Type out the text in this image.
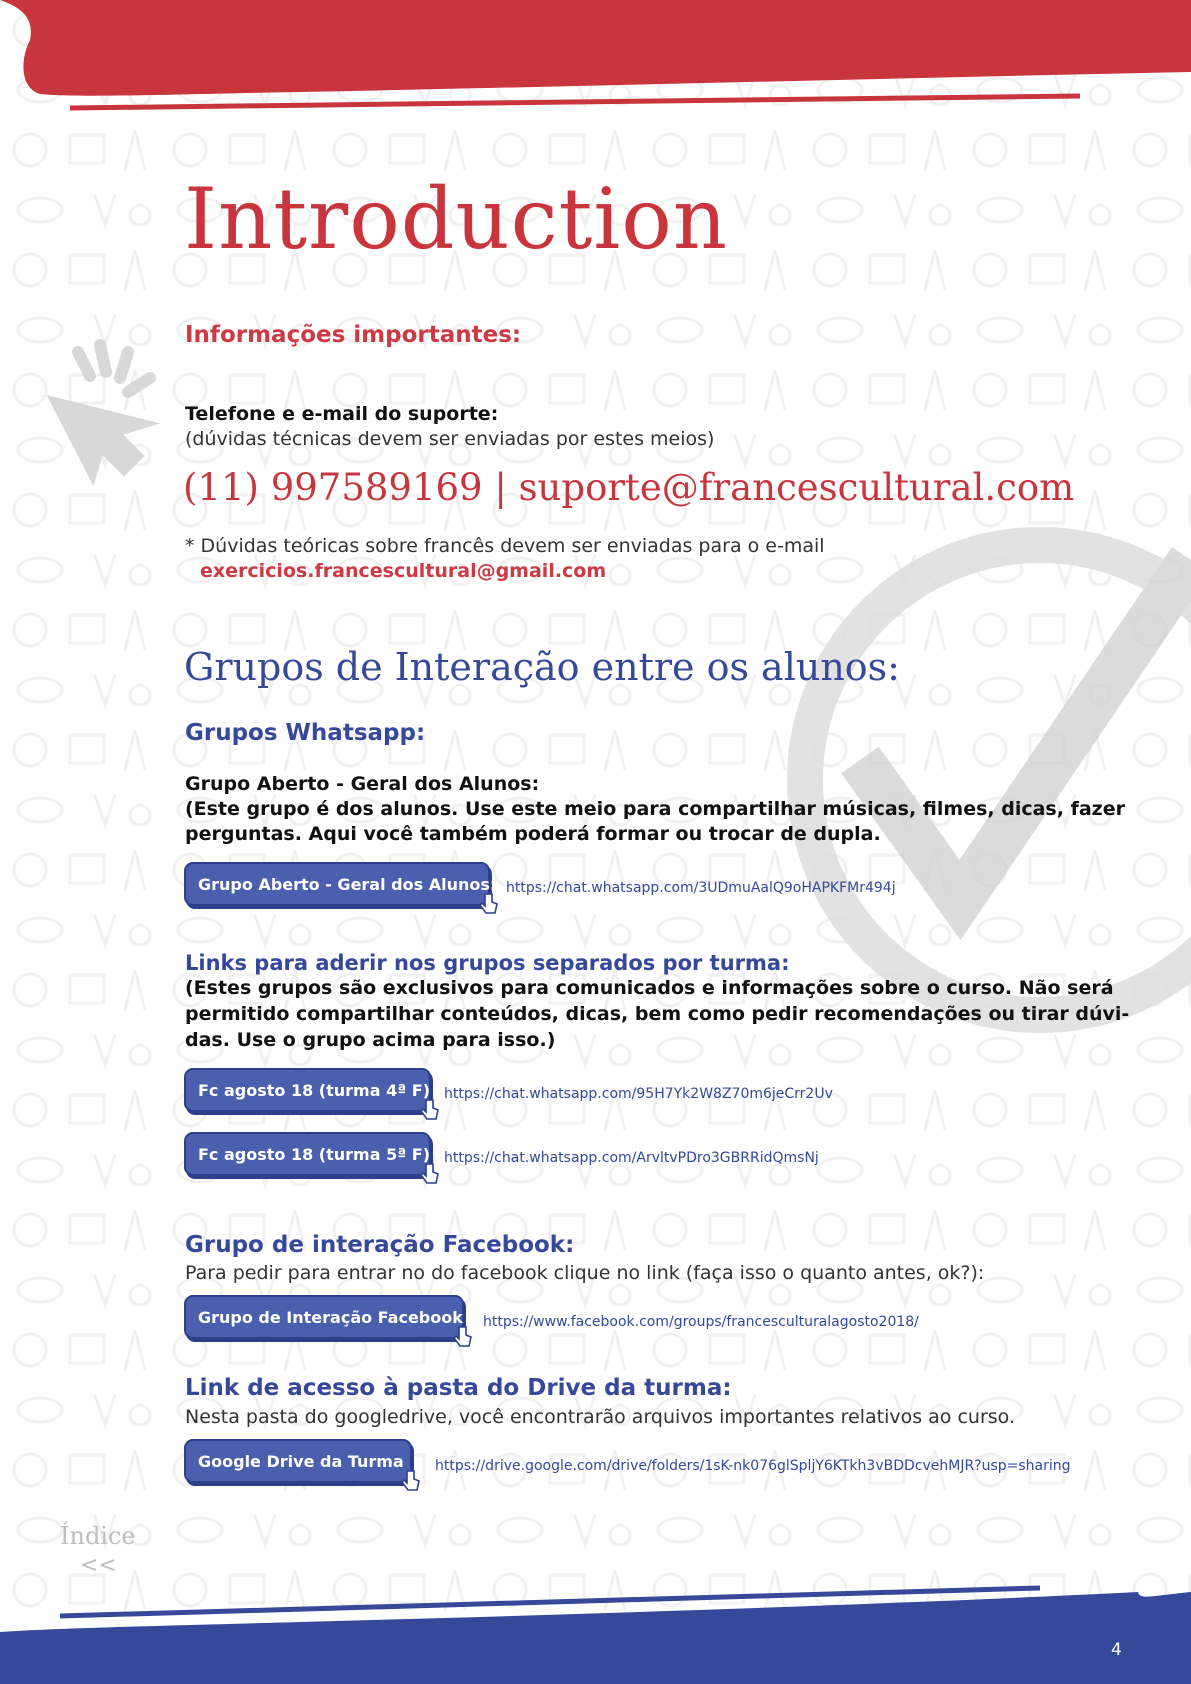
Introduction
Informações importantes:
Telefone e e-mail do suporte:
(dúvidas técnicas devem ser enviadas por estes meios)
(11) 997589169 | suporte@francescultural.com
* Dúvidas teóricas sobre francês devem ser enviadas para o e-mail
exercicios.francescultural@gmail.com
Grupos de Interação entre os alunos:
Grupos Whatsapp:
Grupo Aberto - Geral dos Alunos:
(Este grupo é dos alunos. Use este meio para compartilhar músicas, filmes, dicas, fazer
perguntas. Aqui você também poderá formar ou trocar de dupla.
Grupo Aberto - Geral dos Alunos: https://chat.whatsapp.com/3UDmuAalQ9oHAPKFMr494j
Links para aderir nos grupos separados por turma:
(Estes grupos são exclusivos para comunicados e informações sobre o curso. Não será
permitido compartilhar conteúdos, dicas, bem como pedir recomendações ou tirar dúvi-
das. Use o grupo acima para isso.)
Fc agosto 18 (turma 4ª F) https://chat.whatsapp.com/95H7Yk2W8Z70m6jeCrr2Uv
Fc agosto 18 (turma 5ª F) https://chat.whatsapp.com/ArvltvPDro3GBRRidQmsNj
Grupo de interação Facebook:
Para pedir para entrar no do facebook clique no link (faça isso o quanto antes, ok?):
Grupo de Interação Facebook https://www.facebook.com/groups/francesculturalagosto2018/
Link de acesso à pasta do Drive da turma:
Nesta pasta do googledrive, você encontrarão arquivos importantes relativos ao curso.
Google Drive da Turma https://drive.google.com/drive/folders/1sK-nk076glSpljY6KTkh3vBDDcvehMJR?usp=sharing
Índice
<<
4
